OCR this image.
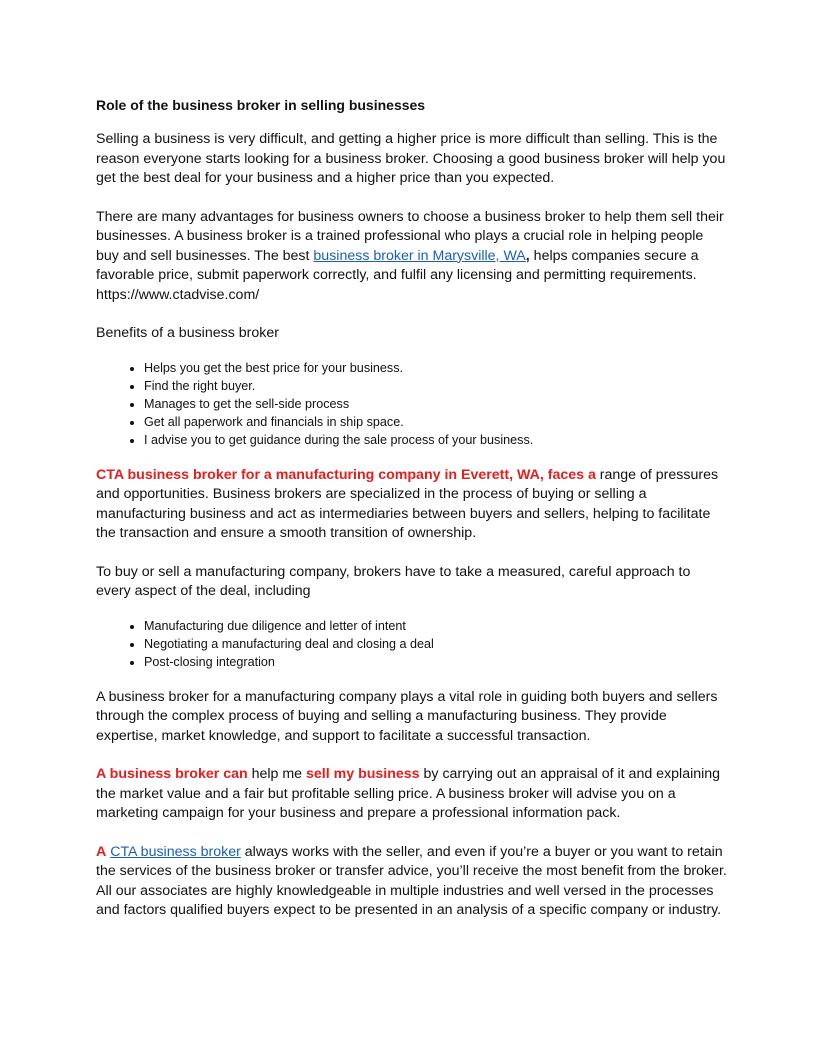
Role of the business broker in selling businesses

Selling a business is very difficult, and getting a higher price is more difficult than selling. This is the reason everyone starts looking for a business broker. Choosing a good business broker will help you get the best deal for your business and a higher price than you expected.

There are many advantages for business owners to choose a business broker to help them sell their businesses. A business broker is a trained professional who plays a crucial role in helping people buy and sell businesses. The best business broker in Marysville, WA, helps companies secure a favorable price, submit paperwork correctly, and fulfil any licensing and permitting requirements. https://www.ctadvise.com/

Benefits of a business broker

• Helps you get the best price for your business.
• Find the right buyer.
• Manages to get the sell-side process
• Get all paperwork and financials in ship space.
• I advise you to get guidance during the sale process of your business.

CTA business broker for a manufacturing company in Everett, WA, faces a range of pressures and opportunities. Business brokers are specialized in the process of buying or selling a manufacturing business and act as intermediaries between buyers and sellers, helping to facilitate the transaction and ensure a smooth transition of ownership.

To buy or sell a manufacturing company, brokers have to take a measured, careful approach to every aspect of the deal, including

• Manufacturing due diligence and letter of intent
• Negotiating a manufacturing deal and closing a deal
• Post-closing integration

A business broker for a manufacturing company plays a vital role in guiding both buyers and sellers through the complex process of buying and selling a manufacturing business. They provide expertise, market knowledge, and support to facilitate a successful transaction.

A business broker can help me sell my business by carrying out an appraisal of it and explaining the market value and a fair but profitable selling price. A business broker will advise you on a marketing campaign for your business and prepare a professional information pack.

A CTA business broker always works with the seller, and even if you’re a buyer or you want to retain the services of the business broker or transfer advice, you’ll receive the most benefit from the broker. All our associates are highly knowledgeable in multiple industries and well versed in the processes and factors qualified buyers expect to be presented in an analysis of a specific company or industry.
